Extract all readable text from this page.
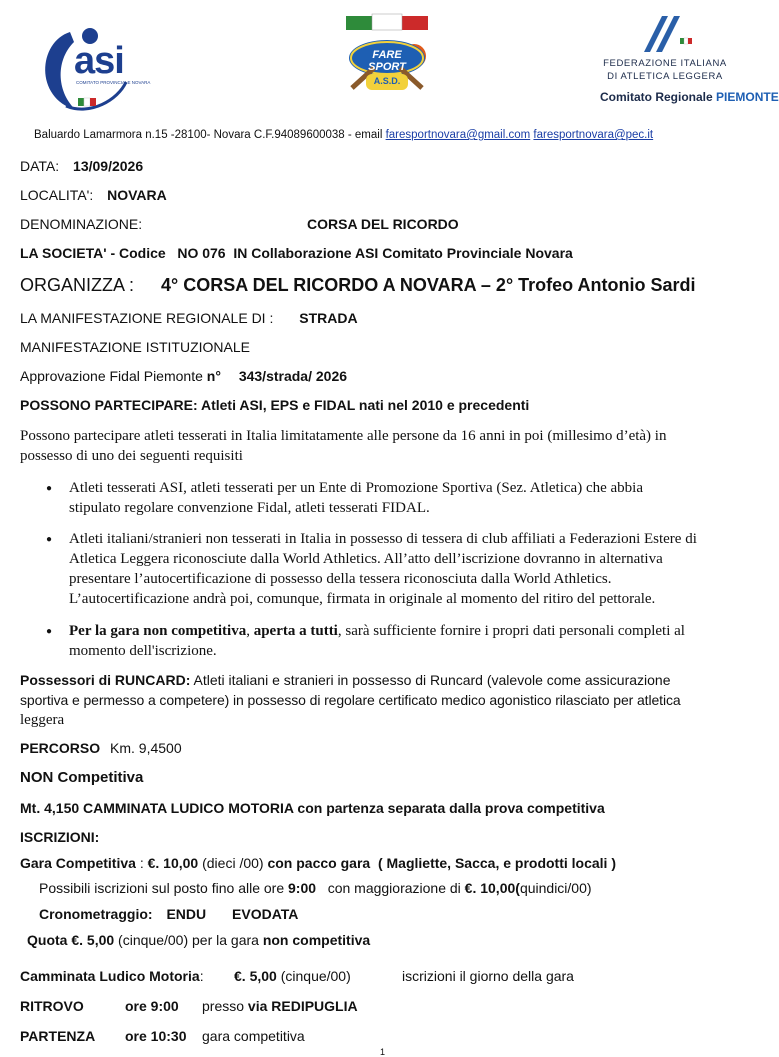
asi
COMITATO PROVINCIALE NOVARA
FARE SPORT
A.S.D.
FEDERAZIONE ITALIANA
DI ATLETICA LEGGERA
Comitato Regionale PIEMONTE
Baluardo Lamarmora n.15 -28100- Novara C.F.94089600038 - email faresportnovara@gmail.com faresportnovara@pec.it
DATA: 13/09/2026
LOCALITA': NOVARA
DENOMINAZIONE:	CORSA DEL RICORDO
LA SOCIETA' - Codice   NO 076  IN Collaborazione ASI Comitato Provinciale Novara
ORGANIZZA : 4° CORSA DEL RICORDO A NOVARA – 2° Trofeo Antonio Sardi
LA MANIFESTAZIONE REGIONALE DI : STRADA
MANIFESTAZIONE ISTITUZIONALE
Approvazione Fidal Piemonte n° 343/strada/ 2026
POSSONO PARTECIPARE: Atleti ASI, EPS e FIDAL nati nel 2010 e precedenti
Possono partecipare atleti tesserati in Italia limitatamente alle persone da 16 anni in poi (millesimo d’età) in
possesso di uno dei seguenti requisiti
● Atleti tesserati ASI, atleti tesserati per un Ente di Promozione Sportiva (Sez. Atletica) che abbia
stipulato regolare convenzione Fidal, atleti tesserati FIDAL.
● Atleti italiani/stranieri non tesserati in Italia in possesso di tessera di club affiliati a Federazioni Estere di
Atletica Leggera riconosciute dalla World Athletics. All’atto dell’iscrizione dovranno in alternativa
presentare l’autocertificazione di possesso della tessera riconosciuta dalla World Athletics.
L’autocertificazione andrà poi, comunque, firmata in originale al momento del ritiro del pettorale.
● Per la gara non competitiva, aperta a tutti, sarà sufficiente fornire i propri dati personali completi al
momento dell'iscrizione.
Possessori di RUNCARD: Atleti italiani e stranieri in possesso di Runcard (valevole come assicurazione
sportiva e permesso a competere) in possesso di regolare certificato medico agonistico rilasciato per atletica
leggera
PERCORSO Km. 9,4500
NON Competitiva
Mt. 4,150 CAMMINATA LUDICO MOTORIA con partenza separata dalla prova competitiva
ISCRIZIONI:
Gara Competitiva : €. 10,00 (dieci /00) con pacco gara  ( Magliette, Sacca, e prodotti locali )
Possibili iscrizioni sul posto fino alle ore 9:00   con maggiorazione di €. 10,00(quindici/00)
Cronometraggio: ENDU EVODATA
Quota €. 5,00 (cinque/00) per la gara non competitiva
Camminata Ludico Motoria: €. 5,00 (cinque/00)	iscrizioni il giorno della gara
RITROVO	ore 9:00 presso via REDIPUGLIA
PARTENZA ore 10:30 gara competitiva
1
